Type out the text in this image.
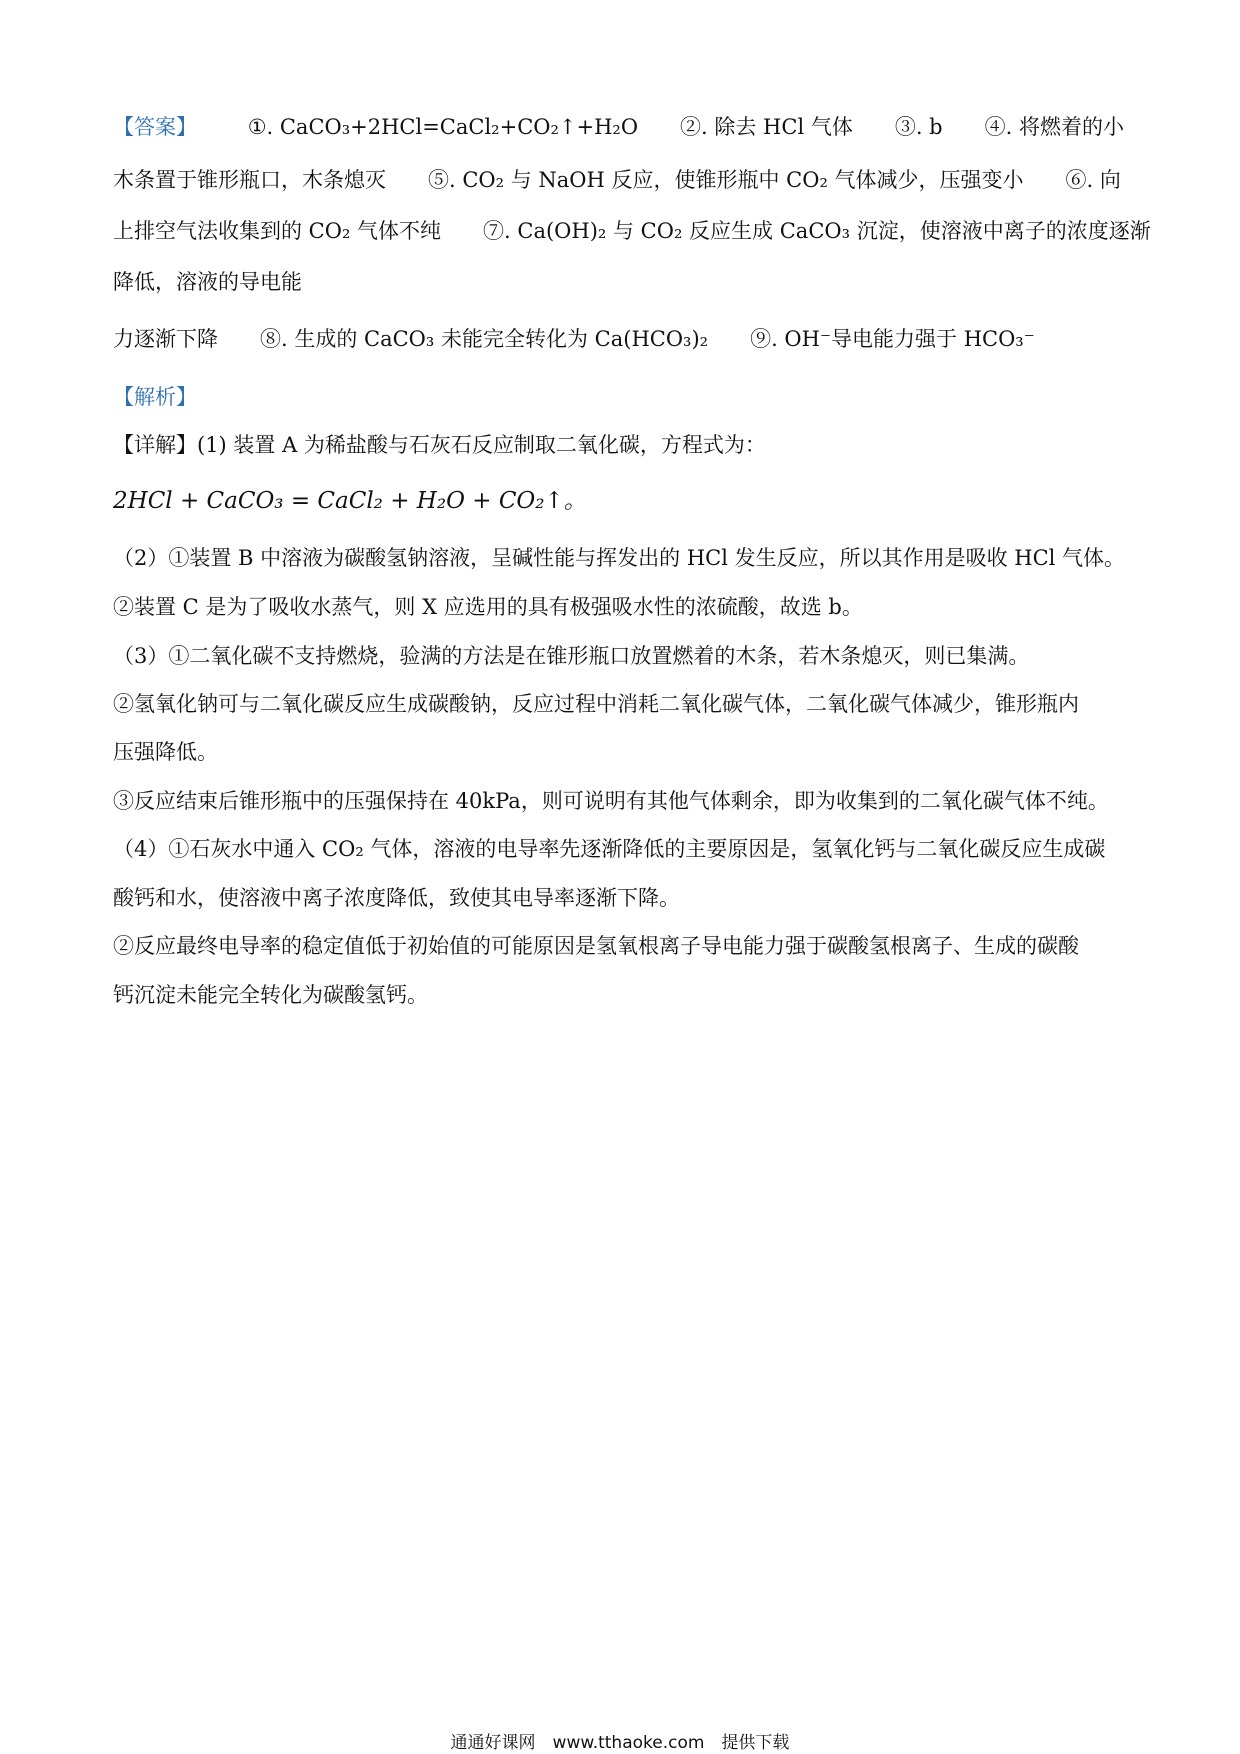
【答案】 ①. CaCO₃+2HCl=CaCl₂+CO₂↑+H₂O　　②. 除去 HCl 气体　　③. b　　④. 将燃着的小
木条置于锥形瓶口，木条熄灭　　⑤. CO₂ 与 NaOH 反应，使锥形瓶中 CO₂ 气体减少，压强变小　　⑥. 向
上排空气法收集到的 CO₂ 气体不纯　　⑦. Ca(OH)₂ 与 CO₂ 反应生成 CaCO₃ 沉淀，使溶液中离子的浓度逐渐
降低，溶液的导电能
力逐渐下降　　⑧. 生成的 CaCO₃ 未能完全转化为 Ca(HCO₃)₂　　⑨. OH⁻导电能力强于 HCO₃⁻
【解析】
【详解】(1) 装置 A 为稀盐酸与石灰石反应制取二氧化碳，方程式为：
2HCl + CaCO₃ = CaCl₂ + H₂O + CO₂↑。
（2）①装置 B 中溶液为碳酸氢钠溶液，呈碱性能与挥发出的 HCl 发生反应，所以其作用是吸收 HCl 气体。
②装置 C 是为了吸收水蒸气，则 X 应选用的具有极强吸水性的浓硫酸，故选 b。
（3）①二氧化碳不支持燃烧，验满的方法是在锥形瓶口放置燃着的木条，若木条熄灭，则已集满。
②氢氧化钠可与二氧化碳反应生成碳酸钠，反应过程中消耗二氧化碳气体，二氧化碳气体减少，锥形瓶内
压强降低。
③反应结束后锥形瓶中的压强保持在 40kPa，则可说明有其他气体剩余，即为收集到的二氧化碳气体不纯。
（4）①石灰水中通入 CO₂ 气体，溶液的电导率先逐渐降低的主要原因是，氢氧化钙与二氧化碳反应生成碳
酸钙和水，使溶液中离子浓度降低，致使其电导率逐渐下降。
②反应最终电导率的稳定值低于初始值的可能原因是氢氧根离子导电能力强于碳酸氢根离子、生成的碳酸
钙沉淀未能完全转化为碳酸氢钙。
通通好课网　www.tthaoke.com　提供下载
